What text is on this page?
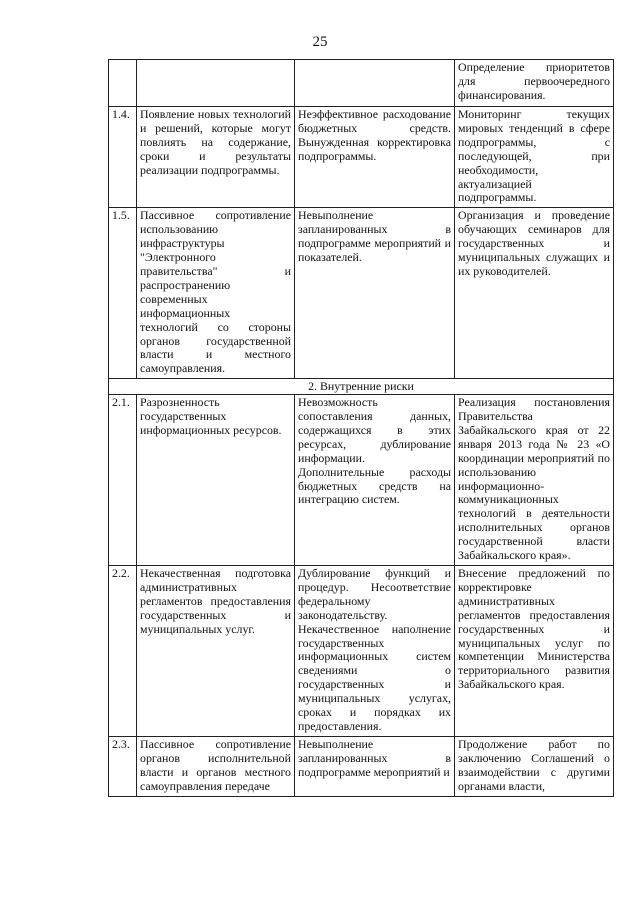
25
			Определение приоритетов для первоочередного финансирования.
1.4.	Появление новых технологий и решений, которые могут повлиять на содержание, сроки и результаты реализации подпрограммы.	Неэффективное расходование бюджетных средств. Вынужденная корректировка подпрограммы.	Мониторинг текущих мировых тенденций в сфере подпрограммы, с последующей, при необходимости, актуализацией подпрограммы.
1.5.	Пассивное сопротивление использованию инфраструктуры "Электронного правительства" и распространению современных информационных технологий со стороны органов государственной власти и местного самоуправления.	Невыполнение запланированных в подпрограмме мероприятий и показателей.	Организация и проведение обучающих семинаров для государственных и муниципальных служащих и их руководителей.
2. Внутренние риски			
2.1.	Разрозненность государственных информационных ресурсов.	Невозможность сопоставления данных, содержащихся в этих ресурсах, дублирование информации. Дополнительные расходы бюджетных средств на интеграцию систем.	Реализация постановления Правительства Забайкальского края от 22 января 2013 года № 23 «О координации мероприятий по использованию информационно-коммуникационных технологий в деятельности исполнительных органов государственной власти Забайкальского края».
2.2.	Некачественная подготовка административных регламентов предоставления государственных и муниципальных услуг.	Дублирование функций и процедур. Несоответствие федеральному законодательству. Некачественное наполнение государственных информационных систем сведениями о государственных и муниципальных услугах, сроках и порядках их предоставления.	Внесение предложений по корректировке административных регламентов предоставления государственных и муниципальных услуг по компетенции Министерства территориального развития Забайкальского края.
2.3.	Пассивное сопротивление органов исполнительной власти и органов местного самоуправления передаче	Невыполнение запланированных в подпрограмме мероприятий и	Продолжение работ по заключению Соглашений о взаимодействии с другими органами власти,
